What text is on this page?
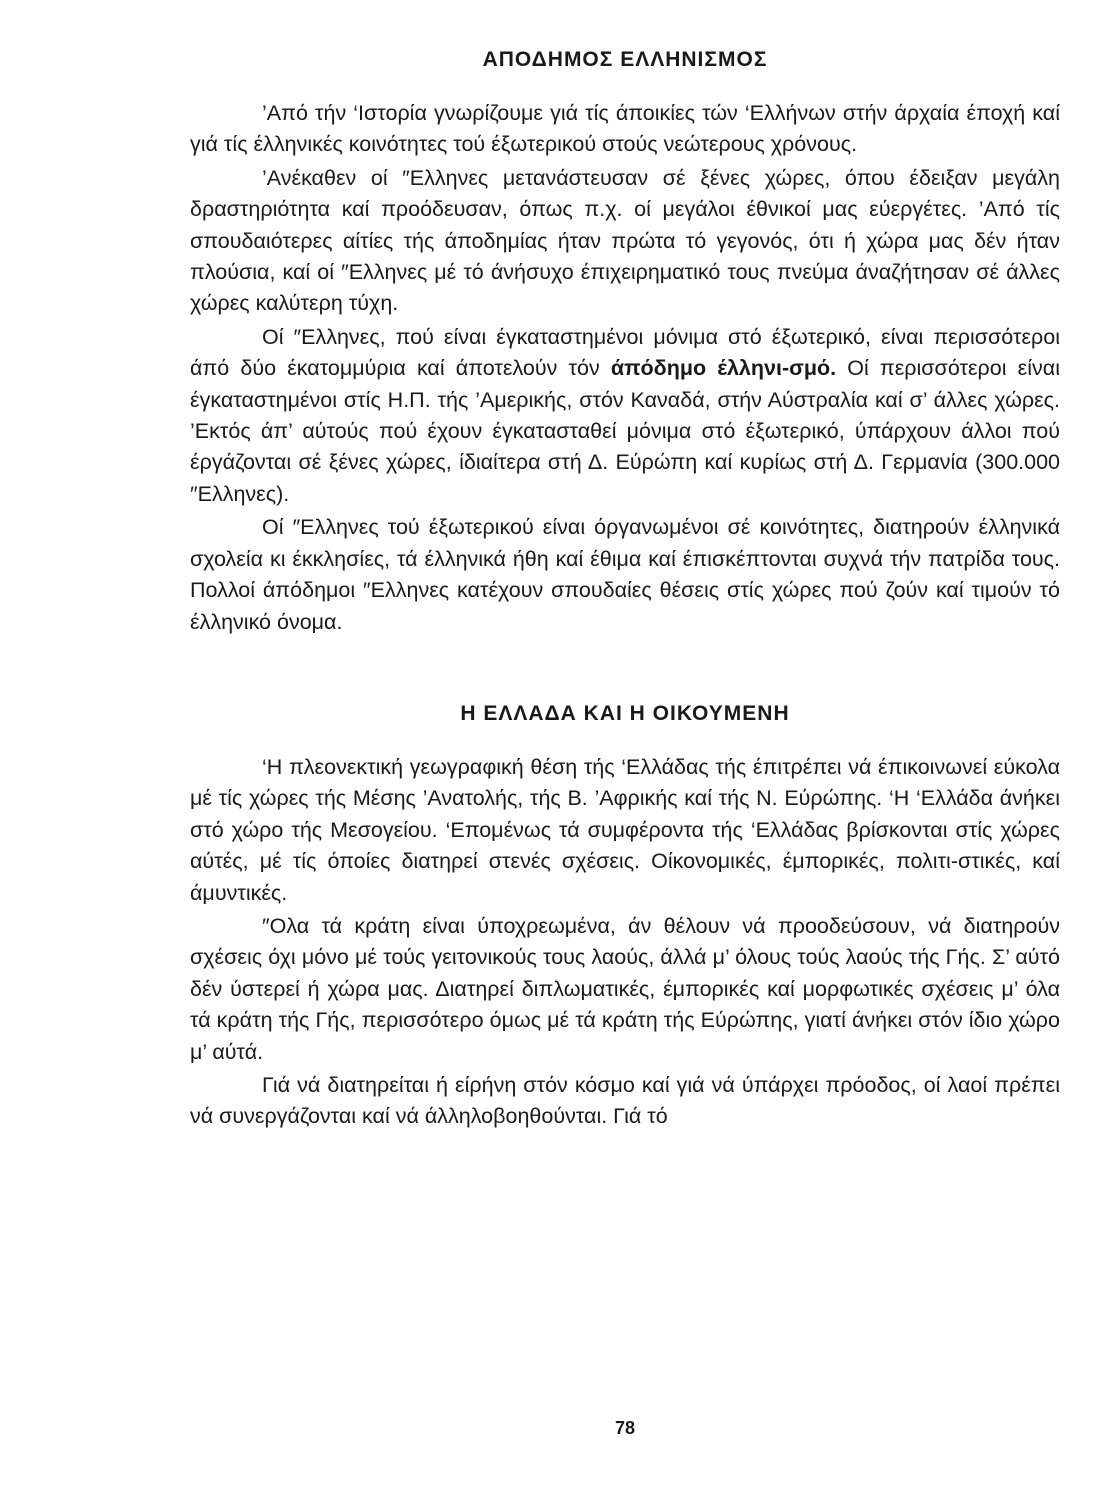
ΑΠΟΔΗΜΟΣ ΕΛΛΗΝΙΣΜΟΣ

’Από τήν ‘Ιστορία γνωρίζουμε γιά τίς άποικίες τών ‘Ελλήνων στήν άρχαία έποχή καί γιά τίς έλληνικές κοινότητες τού έξωτερικού στούς νεώτερους χρόνους.

’Ανέκαθεν οί ″Ελληνες μετανάστευσαν σέ ξένες χώρες, όπου έδειξαν μεγάλη δραστηριότητα καί προόδευσαν, όπως π.χ. οί μεγάλοι έθνικοί μας εύεργέτες. ’Από τίς σπουδαιότερες αίτίες τής άποδημίας ήταν πρώτα τό γεγονός, ότι ή χώρα μας δέν ήταν πλούσια, καί οί ″Ελληνες μέ τό άνήσυχο έπιχειρηματικό τους πνεύμα άναζήτησαν σέ άλλες χώρες καλύτερη τύχη.

Οί ″Ελληνες, πού είναι έγκαταστημένοι μόνιμα στό έξωτερικό, είναι περισσότεροι άπό δύο έκατομμύρια καί άποτελούν τόν άπόδημο έλληνι-σμό. Οί περισσότεροι είναι έγκαταστημένοι στίς Η.Π. τής ’Αμερικής, στόν Καναδά, στήν Αύστραλία καί σ’ άλλες χώρες. ’Εκτός άπ’ αύτούς πού έχουν έγκατασταθεί μόνιμα στό έξωτερικό, ύπάρχουν άλλοι πού έργάζονται σέ ξένες χώρες, ίδιαίτερα στή Δ. Εύρώπη καί κυρίως στή Δ. Γερμανία (300.000 ″Ελληνες).

Οί ″Ελληνες τού έξωτερικού είναι όργανωμένοι σέ κοινότητες, διατηρούν έλληνικά σχολεία κι έκκλησίες, τά έλληνικά ήθη καί έθιμα καί έπισκέπτονται συχνά τήν πατρίδα τους. Πολλοί άπόδημοι ″Ελληνες κατέχουν σπουδαίες θέσεις στίς χώρες πού ζούν καί τιμούν τό έλληνικό όνομα.

Η ΕΛΛΑΔΑ ΚΑΙ Η ΟΙΚΟΥΜΕΝΗ

‘Η πλεονεκτική γεωγραφική θέση τής ‘Ελλάδας τής έπιτρέπει νά έπικοινωνεί εύκολα μέ τίς χώρες τής Μέσης ’Ανατολής, τής Β. ’Αφρικής καί τής Ν. Εύρώπης. ‘Η ‘Ελλάδα άνήκει στό χώρο τής Μεσογείου. ‘Επομένως τά συμφέροντα τής ‘Ελλάδας βρίσκονται στίς χώρες αύτές, μέ τίς όποίες διατηρεί στενές σχέσεις. Οίκονομικές, έμπορικές, πολιτι-στικές, καί άμυντικές.

″Ολα τά κράτη είναι ύποχρεωμένα, άν θέλουν νά προοδεύσουν, νά διατηρούν σχέσεις όχι μόνο μέ τούς γειτονικούς τους λαούς, άλλά μ’ όλους τούς λαούς τής Γής. Σ’ αύτό δέν ύστερεί ή χώρα μας. Διατηρεί διπλωματικές, έμπορικές καί μορφωτικές σχέσεις μ’ όλα τά κράτη τής Γής, περισσότερο όμως μέ τά κράτη τής Εύρώπης, γιατί άνήκει στόν ίδιο χώρο μ’ αύτά.

Γιά νά διατηρείται ή είρήνη στόν κόσμο καί γιά νά ύπάρχει πρόοδος, οί λαοί πρέπει νά συνεργάζονται καί νά άλληλοβοηθούνται. Γιά τό

78
